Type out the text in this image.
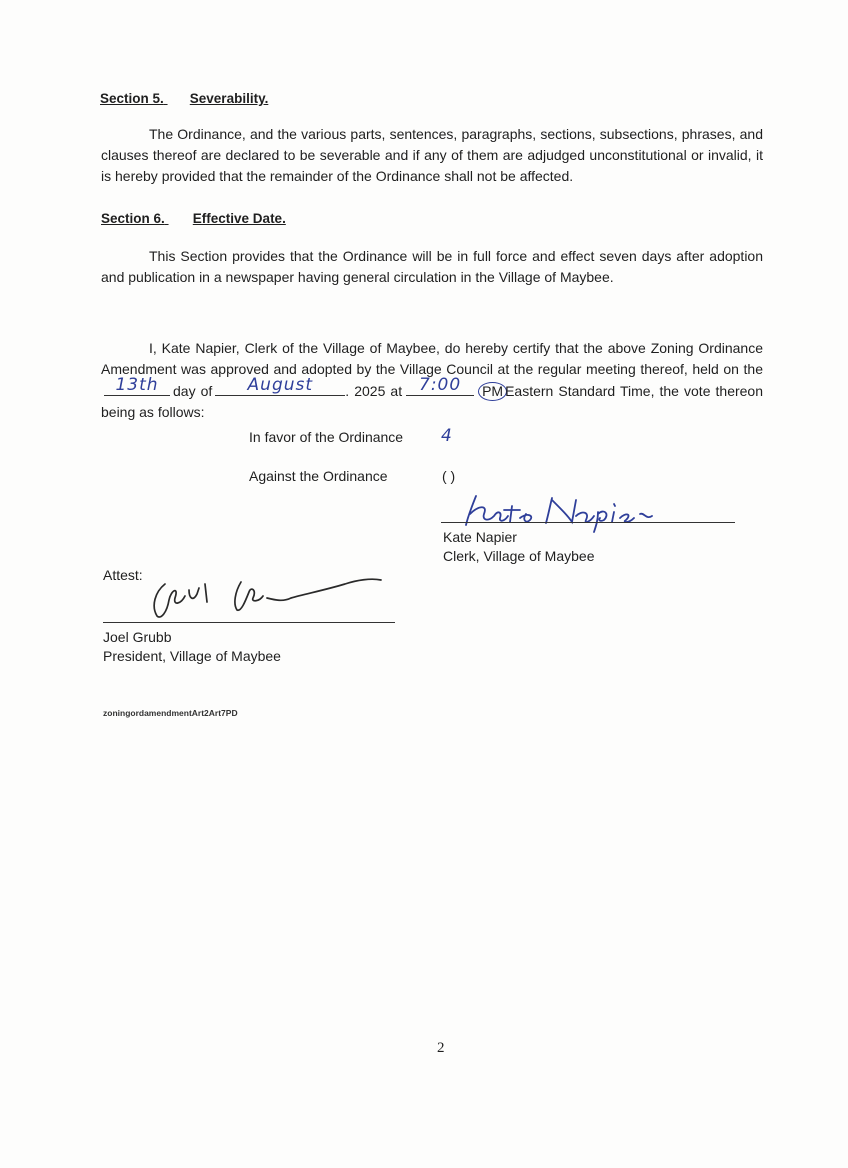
Section 5. Severability.
The Ordinance, and the various parts, sentences, paragraphs, sections, subsections, phrases, and clauses thereof are declared to be severable and if any of them are adjudged unconstitutional or invalid, it is hereby provided that the remainder of the Ordinance shall not be affected.
Section 6. Effective Date.
This Section provides that the Ordinance will be in full force and effect seven days after adoption and publication in a newspaper having general circulation in the Village of Maybee.
I, Kate Napier, Clerk of the Village of Maybee, do hereby certify that the above Zoning Ordinance Amendment was approved and adopted by the Village Council at the regular meeting thereof, held on the
13th	day of	August	. 2025 at 7:00	PM Eastern Standard Time, the vote thereon being as follows:
In favor of the Ordinance 4
Against the Ordinance	( )
Kate Napier
Clerk, Village of Maybee
Attest:
Joel Grubb
President, Village of Maybee
zoningordamendmentArt2Art7PD
2
